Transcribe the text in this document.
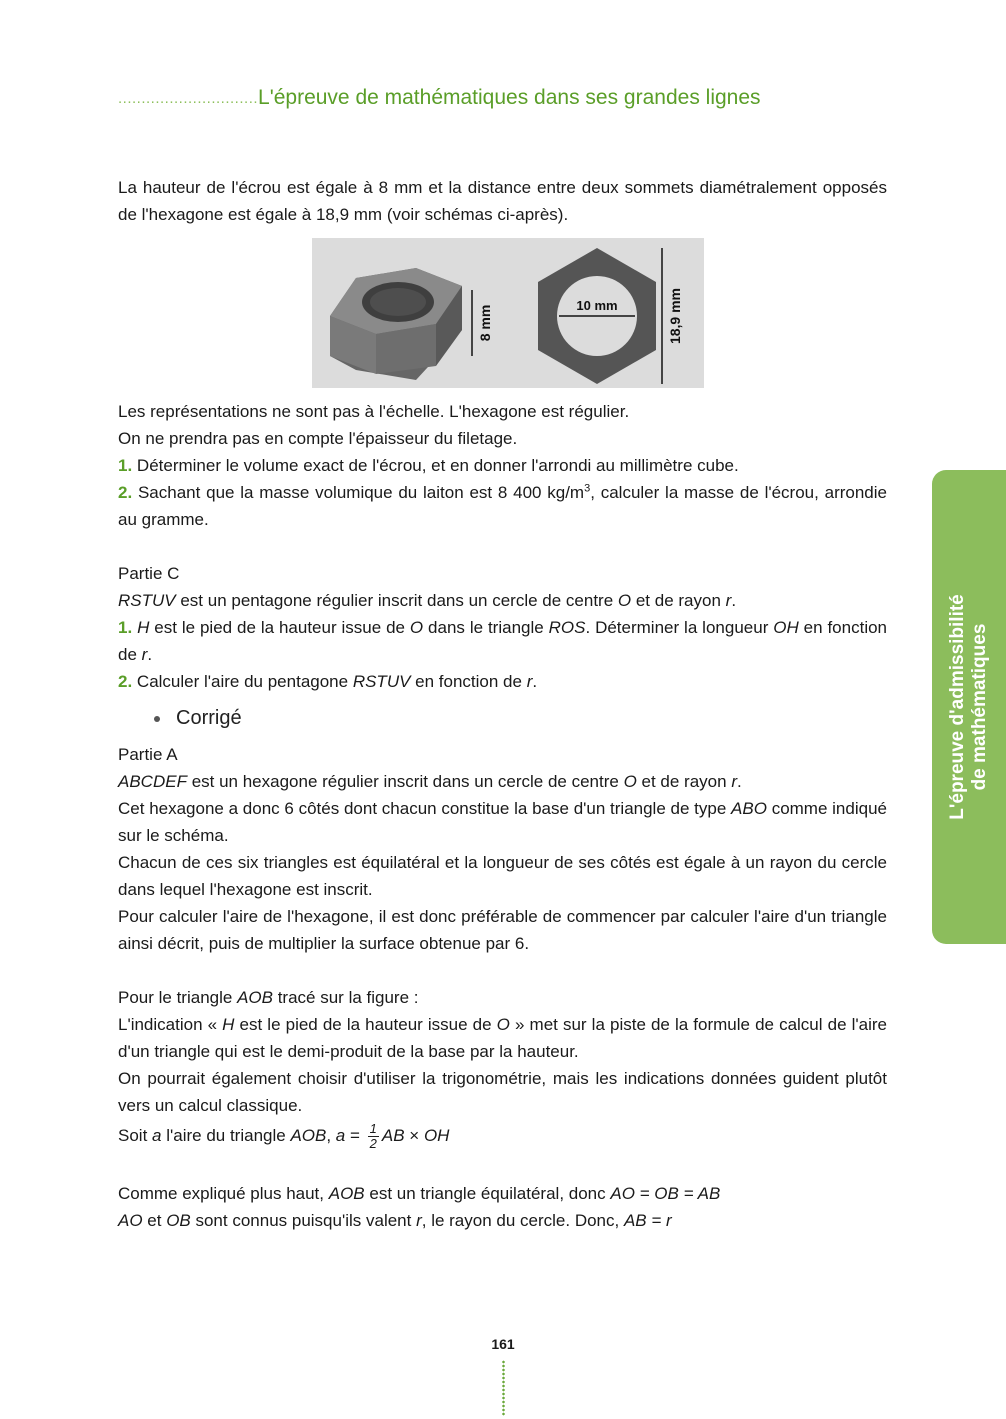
..............................L'épreuve de mathématiques dans ses grandes lignes

La hauteur de l'écrou est égale à 8 mm et la distance entre deux sommets diamétralement opposés de l'hexagone est égale à 18,9 mm (voir schémas ci-après).

8 mm	10 mm	18,9 mm

Les représentations ne sont pas à l'échelle. L'hexagone est régulier.

On ne prendra pas en compte l'épaisseur du filetage.

1. Déterminer le volume exact de l'écrou, et en donner l'arrondi au millimètre cube.

2. Sachant que la masse volumique du laiton est 8 400 $kg/m^3$, calculer la masse de l'écrou, arrondie au gramme.

Partie C

RSTUV est un pentagone régulier inscrit dans un cercle de centre O et de rayon r.

1. H est le pied de la hauteur issue de O dans le triangle ROS. Déterminer la longueur OH en fonction de r.

2. Calculer l'aire du pentagone RSTUV en fonction de r.

Corrigé

Partie A

ABCDEF est un hexagone régulier inscrit dans un cercle de centre O et de rayon r.

Cet hexagone a donc 6 côtés dont chacun constitue la base d'un triangle de type ABO comme indiqué sur le schéma.

Chacun de ces six triangles est équilatéral et la longueur de ses côtés est égale à un rayon du cercle dans lequel l'hexagone est inscrit.

Pour calculer l'aire de l'hexagone, il est donc préférable de commencer par calculer l'aire d'un triangle ainsi décrit, puis de multiplier la surface obtenue par 6.

Pour le triangle AOB tracé sur la figure :

L'indication « H est le pied de la hauteur issue de O » met sur la piste de la formule de calcul de l'aire d'un triangle qui est le demi-produit de la base par la hauteur.

On pourrait également choisir d'utiliser la trigonométrie, mais les indications données guident plutôt vers un calcul classique.

Soit a l'aire du triangle AOB, $a = \frac{1}{2}$ AB × OH

Comme expliqué plus haut, AOB est un triangle équilatéral, donc AO = OB = AB

AO et OB sont connus puisqu'ils valent r, le rayon du cercle. Donc, AB = r

L'épreuve d'admissibilité de mathématiques
161
